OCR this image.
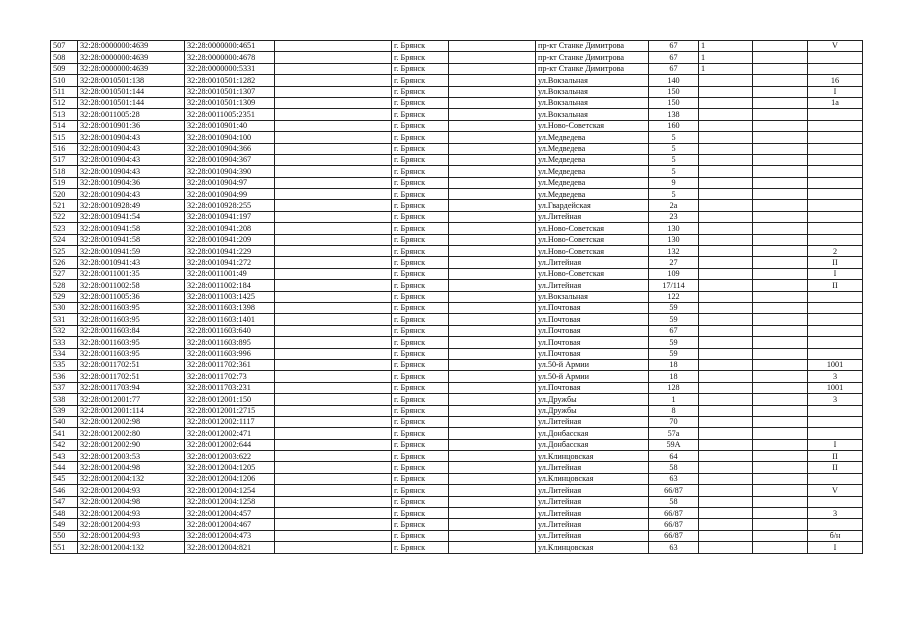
507	32:28:0000000:4639	32:28:0000000:4651		г. Брянск		пр-кт Станке Димитрова	67	1		V
508	32:28:0000000:4639	32:28:0000000:4678		г. Брянск		пр-кт Станке Димитрова	67	1		
509	32:28:0000000:4639	32:28:0000000:5331		г. Брянск		пр-кт Станке Димитрова	67	1		
510	32:28:0010501:138	32:28:0010501:1282		г. Брянск		ул.Вокзальная	140			16
511	32:28:0010501:144	32:28:0010501:1307		г. Брянск		ул.Вокзальная	150			I
512	32:28:0010501:144	32:28:0010501:1309		г. Брянск		ул.Вокзальная	150			1а
513	32:28:0011005:28	32:28:0011005:2351		г. Брянск		ул.Вокзальная	138			
514	32:28:0010901:36	32:28:0010901:40		г. Брянск		ул.Ново-Советская	160			
515	32:28:0010904:43	32:28:0010904:100		г. Брянск		ул.Медведева	5			
516	32:28:0010904:43	32:28:0010904:366		г. Брянск		ул.Медведева	5			
517	32:28:0010904:43	32:28:0010904:367		г. Брянск		ул.Медведева	5			
518	32:28:0010904:43	32:28:0010904:390		г. Брянск		ул.Медведева	5			
519	32:28:0010904:36	32:28:0010904:97		г. Брянск		ул.Медведева	9			
520	32:28:0010904:43	32:28:0010904:99		г. Брянск		ул.Медведева	5			
521	32:28:0010928:49	32:28:0010928:255		г. Брянск		ул.Гвардейская	2а			
522	32:28:0010941:54	32:28:0010941:197		г. Брянск		ул.Литейная	23			
523	32:28:0010941:58	32:28:0010941:208		г. Брянск		ул.Ново-Советская	130			
524	32:28:0010941:58	32:28:0010941:209		г. Брянск		ул.Ново-Советская	130			
525	32:28:0010941:59	32:28:0010941:229		г. Брянск		ул.Ново-Советская	132			2
526	32:28:0010941:43	32:28:0010941:272		г. Брянск		ул.Литейная	27			II
527	32:28:0011001:35	32:28:0011001:49		г. Брянск		ул.Ново-Советская	109			I
528	32:28:0011002:58	32:28:0011002:184		г. Брянск		ул.Литейная	17/114			II
529	32:28:0011005:36	32:28:0011003:1425		г. Брянск		ул.Вокзальная	122			
530	32:28:0011603:95	32:28:0011603:1398		г. Брянск		ул.Почтовая	59			
531	32:28:0011603:95	32:28:0011603:1401		г. Брянск		ул.Почтовая	59			
532	32:28:0011603:84	32:28:0011603:640		г. Брянск		ул.Почтовая	67			
533	32:28:0011603:95	32:28:0011603:895		г. Брянск		ул.Почтовая	59			
534	32:28:0011603:95	32:28:0011603:996		г. Брянск		ул.Почтовая	59			
535	32:28:0011702:51	32:28:0011702:361		г. Брянск		ул.50-й Армии	18			1001
536	32:28:0011702:51	32:28:0011702:73		г. Брянск		ул.50-й Армии	18			3
537	32:28:0011703:94	32:28:0011703:231		г. Брянск		ул.Почтовая	128			1001
538	32:28:0012001:77	32:28:0012001:150		г. Брянск		ул.Дружбы	1			3
539	32:28:0012001:114	32:28:0012001:2715		г. Брянск		ул.Дружбы	8			
540	32:28:0012002:98	32:28:0012002:1117		г. Брянск		ул.Литейная	70			
541	32:28:0012002:80	32:28:0012002:471		г. Брянск		ул.Донбасская	57а			
542	32:28:0012002:90	32:28:0012002:644		г. Брянск		ул.Донбасская	59А			I
543	32:28:0012003:53	32:28:0012003:622		г. Брянск		ул.Клинцовская	64			II
544	32:28:0012004:98	32:28:0012004:1205		г. Брянск		ул.Литейная	58			II
545	32:28:0012004:132	32:28:0012004:1206		г. Брянск		ул.Клинцовская	63			
546	32:28:0012004:93	32:28:0012004:1254		г. Брянск		ул.Литейная	66/87			V
547	32:28:0012004:98	32:28:0012004:1258		г. Брянск		ул.Литейная	58			
548	32:28:0012004:93	32:28:0012004:457		г. Брянск		ул.Литейная	66/87			3
549	32:28:0012004:93	32:28:0012004:467		г. Брянск		ул.Литейная	66/87			
550	32:28:0012004:93	32:28:0012004:473		г. Брянск		ул.Литейная	66/87			б/н
551	32:28:0012004:132	32:28:0012004:821		г. Брянск		ул.Клинцовская	63			I
